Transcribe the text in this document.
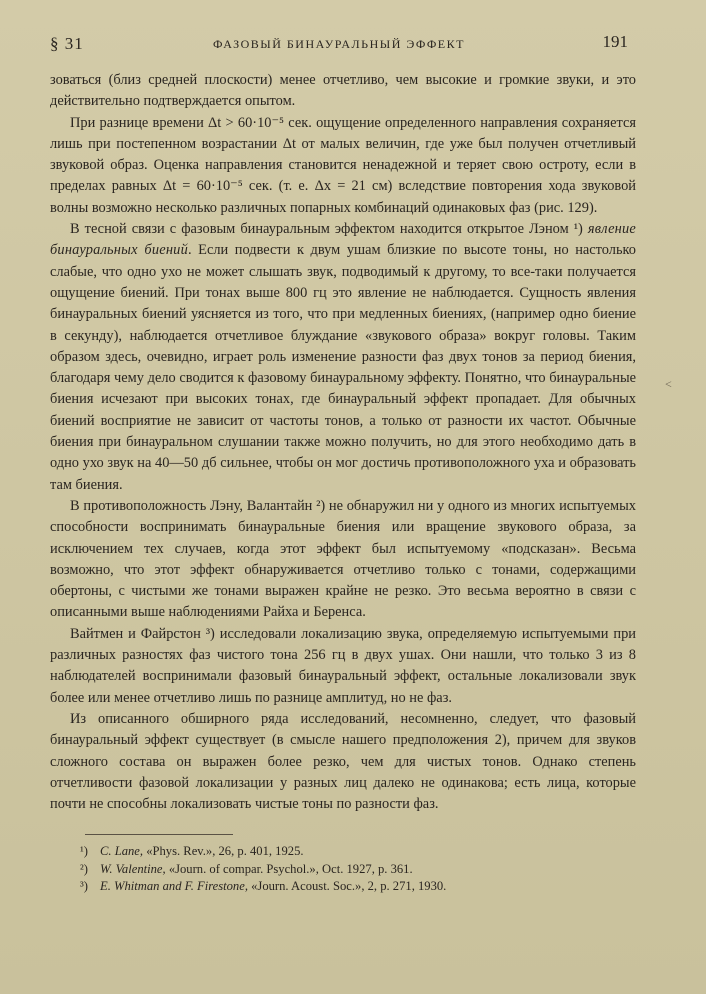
§ 31	ФАЗОВЫЙ БИНАУРАЛЬНЫЙ ЭФФЕКТ	191

зоваться (близ средней плоскости) менее отчетливо, чем высокие и громкие звуки, и это действительно подтверждается опытом.

При разнице времени Δt > 60·10⁻⁵ сек. ощущение определенного направления сохраняется лишь при постепенном возрастании Δt от малых величин, где уже был получен отчетливый звуковой образ. Оценка направления становится ненадежной и теряет свою остроту, если в пределах равных Δt = 60·10⁻⁵ сек. (т. е. Δx = 21 см) вследствие повторения хода звуковой волны возможно несколько различных попарных комбинаций одинаковых фаз (рис. 129).

В тесной связи с фазовым бинауральным эффектом находится открытое Лэном ¹) явление бинауральных биений. Если подвести к двум ушам близкие по высоте тоны, но настолько слабые, что одно ухо не может слышать звук, подводимый к другому, то все-таки получается ощущение биений. При тонах выше 800 гц это явление не наблюдается. Сущность явления бинауральных биений уясняется из того, что при медленных биениях, (например одно биение в секунду), наблюдается отчетливое блуждание «звукового образа» вокруг головы. Таким образом здесь, очевидно, играет роль изменение разности фаз двух тонов за период биения, благодаря чему дело сводится к фазовому бинауральному эффекту. Понятно, что бинауральные биения исчезают при высоких тонах, где бинауральный эффект пропадает. Для обычных биений восприятие не зависит от частоты тонов, а только от разности их частот. Обычные биения при бинауральном слушании также можно получить, но для этого необходимо дать в одно ухо звук на 40—50 дб сильнее, чтобы он мог достичь противоположного уха и образовать там биения.

В противоположность Лэну, Валантайн ²) не обнаружил ни у одного из многих испытуемых способности воспринимать бинауральные биения или вращение звукового образа, за исключением тех случаев, когда этот эффект был испытуемому «подсказан». Весьма возможно, что этот эффект обнаруживается отчетливо только с тонами, содержащими обертоны, с чистыми же тонами выражен крайне не резко. Это весьма вероятно в связи с описанными выше наблюдениями Райха и Беренса.

Вайтмен и Файрстон ³) исследовали локализацию звука, определяемую испытуемыми при различных разностях фаз чистого тона 256 гц в двух ушах. Они нашли, что только 3 из 8 наблюдателей воспринимали фазовый бинауральный эффект, остальные локализовали звук более или менее отчетливо лишь по разнице амплитуд, но не фаз.

Из описанного обширного ряда исследований, несомненно, следует, что фазовый бинауральный эффект существует (в смысле нашего предположения 2), причем для звуков сложного состава он выражен более резко, чем для чистых тонов. Однако степень отчетливости фазовой локализации у разных лиц далеко не одинакова; есть лица, которые почти не способны локализовать чистые тоны по разности фаз.

<
¹) C. Lane, «Phys. Rev.», 26, p. 401, 1925.
²) W. Valentine, «Journ. of compar. Psychol.», Oct. 1927, p. 361.
³) E. Whitman and F. Firestone, «Journ. Acoust. Soc.», 2, p. 271, 1930.
